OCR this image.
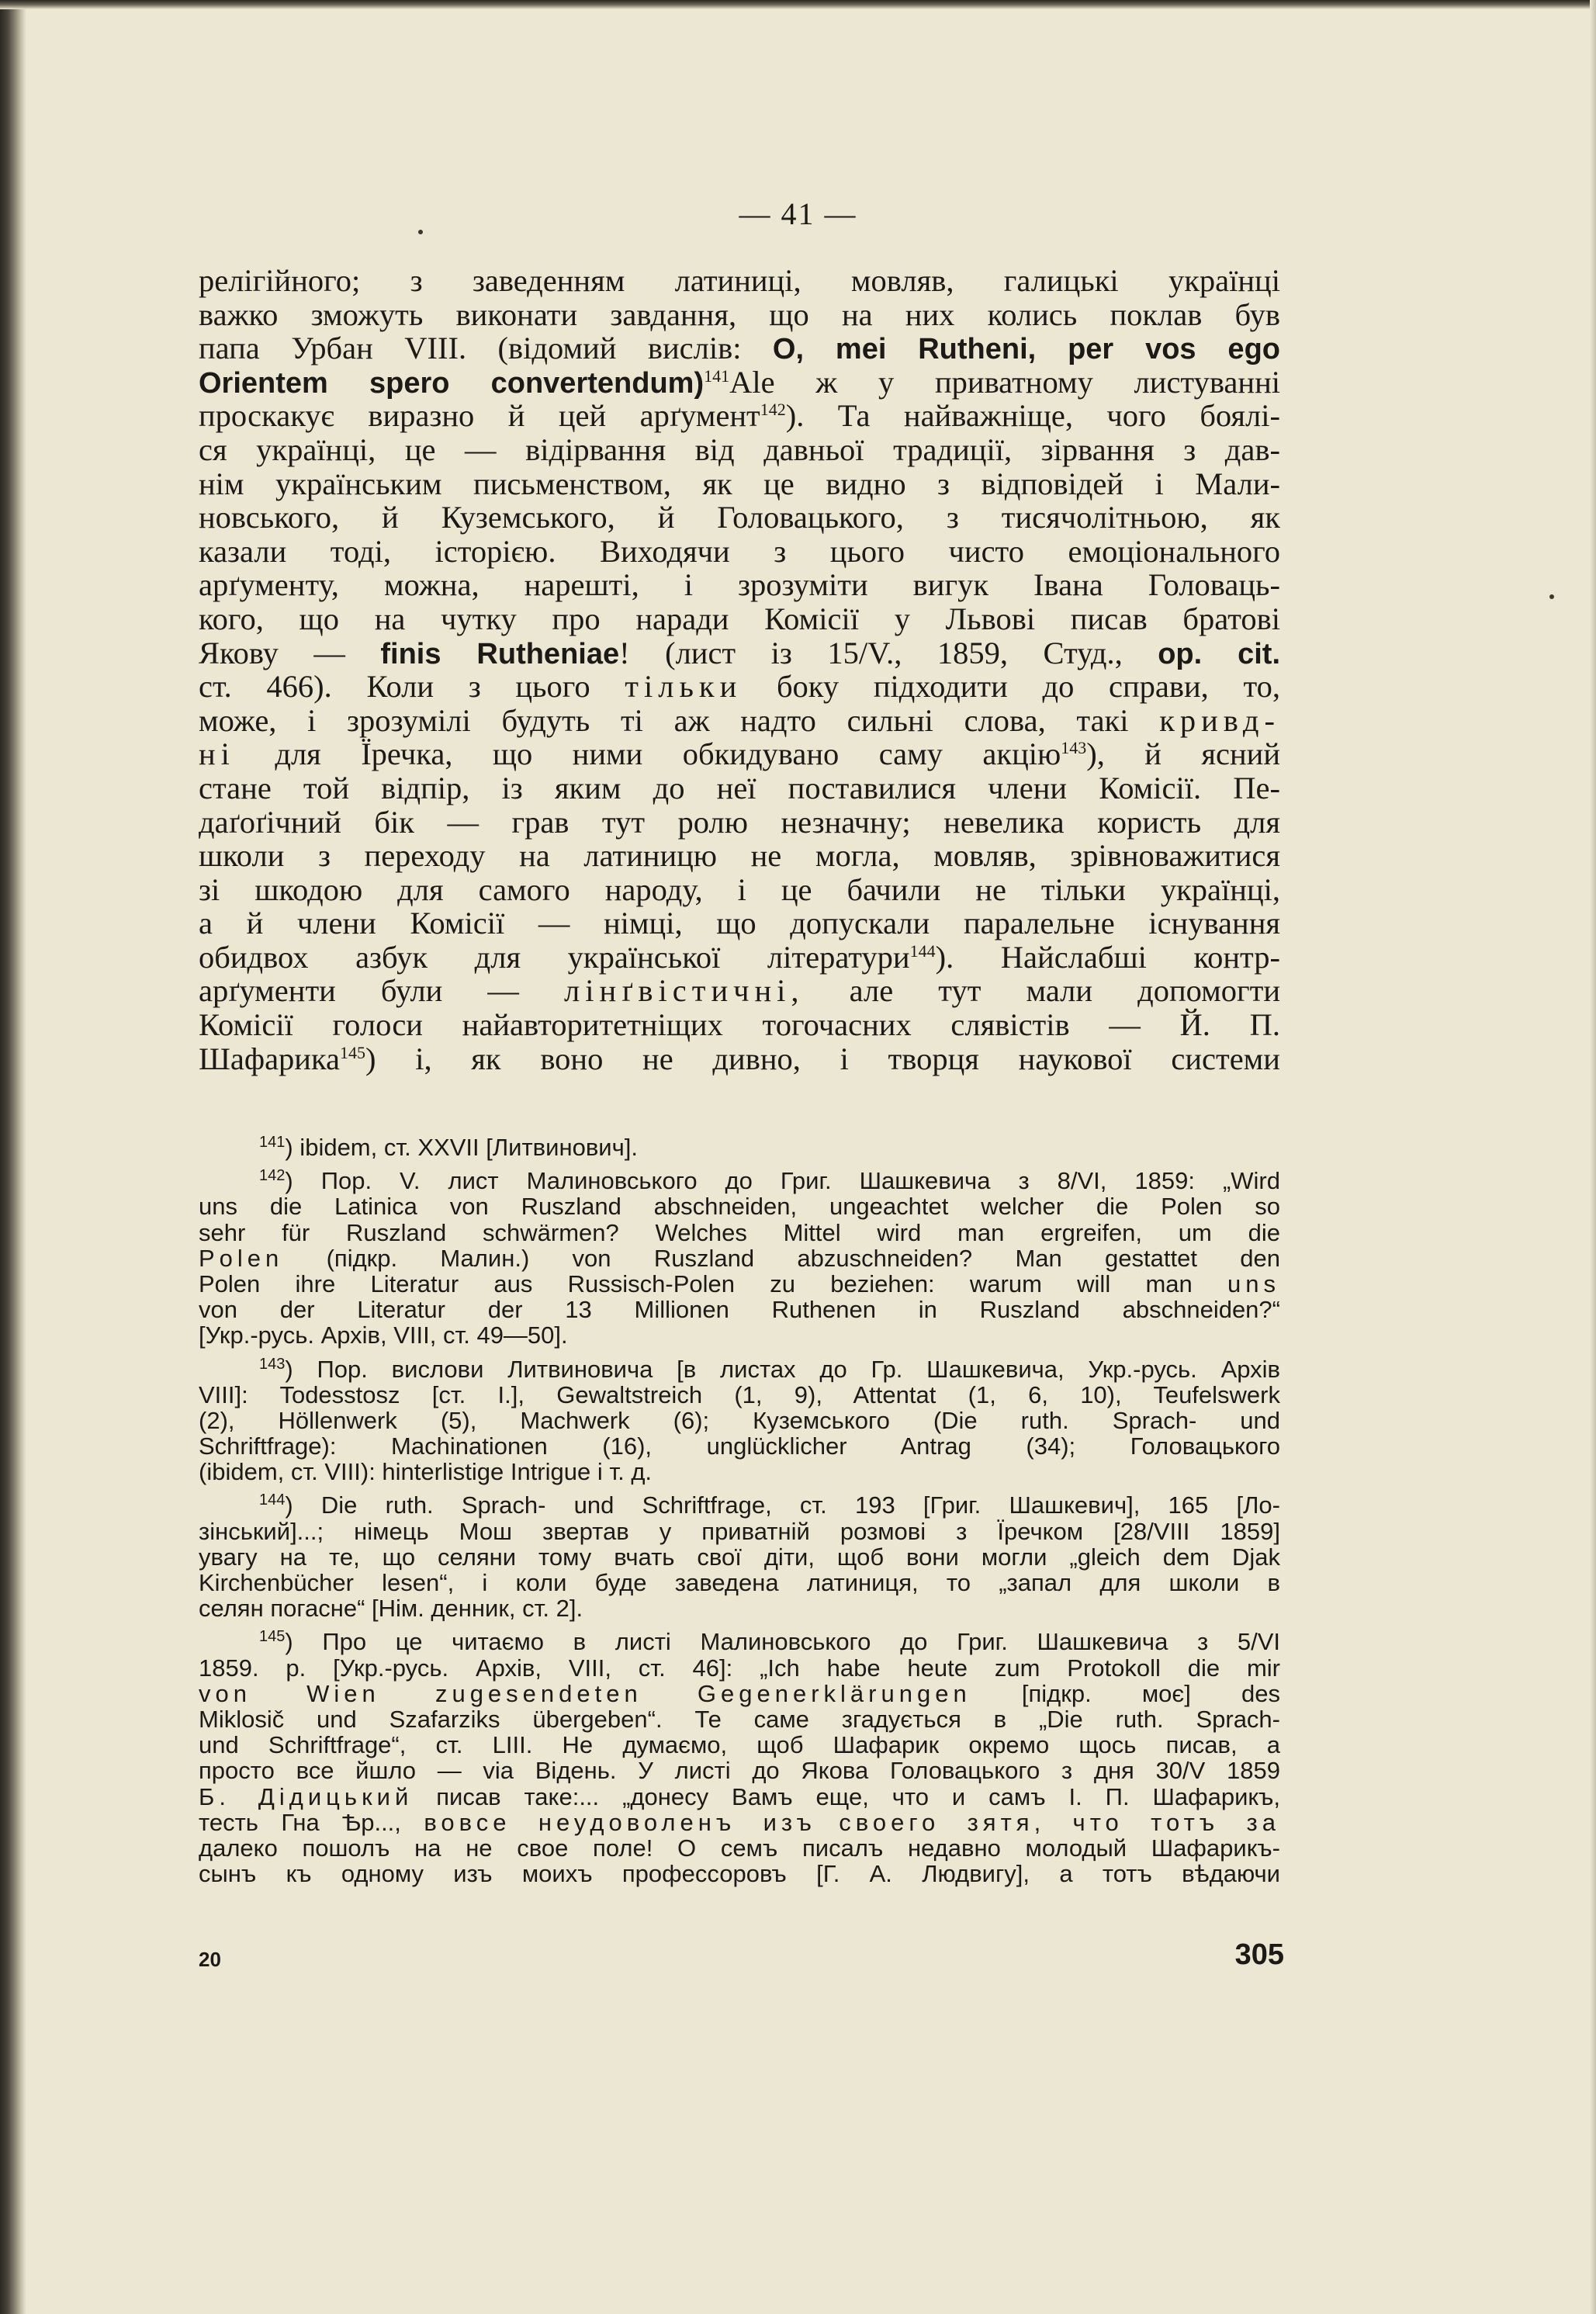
— 41 —
релігійного; з заведенням латиниці, мовляв, галицькі українці
важко зможуть виконати завдання, що на них колись поклав був
папа Урбан VIII. (відомий вислів: O, mei Rutheni, per vos ego
Orientem spero convertendum)$^{141}$Alе ж у приватному листуванні
проскакує виразно й цей арґумент$^{142}$). Та найважніще, чого боялі-
ся українці, це — відірвання від давньої традиції, зірвання з дав-
нім українським письменством, як це видно з відповідей і Мали-
новського, й Куземського, й Головацького, з тисячолітньою, як
казали тоді, історією. Виходячи з цього чисто емоціонального
арґументу, можна, нарешті, і зрозуміти вигук Івана Головаць-
кого, що на чутку про наради Комісії у Львові писав братові
Якову — finis Rutheniae! (лист із 15/V., 1859, Студ., op. cit.
ст. 466). Коли з цього тільки боку підходити до справи, то,
може, і зрозумілі будуть ті аж надто сильні слова, такі кривд-
ні для Їречка, що ними обкидувано саму акцію$^{143}$), й ясний
стане той відпір, із яким до неї поставилися члени Комісії. Пе-
даґоґічний бік — грав тут ролю незначну; невелика користь для
школи з переходу на латиницю не могла, мовляв, зрівноважитися
зі шкодою для самого народу, і це бачили не тільки українці,
а й члени Комісії — німці, що допускали паралельне існування
обидвох азбук для української літератури$^{144}$). Найслабші контр-
арґументи були — лінґвістичні, але тут мали допомогти
Комісії голоси найавторитетніщих тогочасних слявістів — Й. П.
Шафарика$^{145}$) і, як воно не дивно, і творця наукової системи
$^{141}$) ibidem, ст. XXVII [Литвинович].
$^{142}$) Пор. V. лист Малиновського до Григ. Шашкевича з 8/VI, 1859: „Wird
uns die Latinica von Ruszland abschneiden, ungeachtet welcher die Polen so
sehr für Ruszland schwärmen? Welches Mittel wird man ergreifen, um die
Polen (підкр. Малин.) von Ruszland abzuschneiden? Man gestattet den
Polen ihre Literatur aus Russisch-Polen zu beziehen: warum will man uns
von der Literatur der 13 Millionen Ruthenen in Ruszland abschneiden?“
[Укр.-русь. Архів, VIII, ст. 49—50].
$^{143}$) Пор. вислови Литвиновича [в листах до Гр. Шашкевича, Укр.-русь. Архів
VIII]: Todesstosz [ст. I.], Gewaltstreich (1, 9), Attentat (1, 6, 10), Teufelswerk
(2), Höllenwerk (5), Machwerk (6); Куземського (Die ruth. Sprach- und
Schriftfrage): Machinationen (16), unglücklicher Antrag (34); Головацького
(ibidem, ст. VIII): hinterlistige Intrigue і т. д.
$^{144}$) Die ruth. Sprach- und Schriftfrage, ст. 193 [Григ. Шашкевич], 165 [Ло-
зінський]...; німець Мош звертав у приватній розмові з Їречком [28/VIII 1859]
увагу на те, що селяни тому вчать свої діти, щоб вони могли „gleich dem Djak
Kirchenbücher lesen“, і коли буде заведена латиниця, то „запал для школи в
селян погасне“ [Нім. денник, ст. 2].
$^{145}$) Про це читаємо в листі Малиновського до Григ. Шашкевича з 5/VI
1859. р. [Укр.-русь. Архів, VIII, ст. 46]: „Ich habe heute zum Protokoll die mir
von Wien zugesendeten Gegenerklärungen [підкр. моє] des
Miklosič und Szafarziks übergeben“. Те саме згадується в „Die ruth. Sprach-
und Schriftfrage“, ст. LIII. Не думаємо, щоб Шафарик окремо щось писав, а
просто все йшло — via Відень. У листі до Якова Головацького з дня 30/V 1859
Б. Дідицький писав таке:... „донесу Вамъ еще, что и самъ І. П. Шафарикъ,
тесть Гна Ѣр..., вовсе неудоволенъ изъ своего зятя, что тотъ за
далеко пошолъ на не свое поле! О семъ писалъ недавно молодый Шафарикъ-
сынъ къ одному изъ моихъ профессоровъ [Г. А. Людвигу], а тотъ вѣдаючи
20	305
